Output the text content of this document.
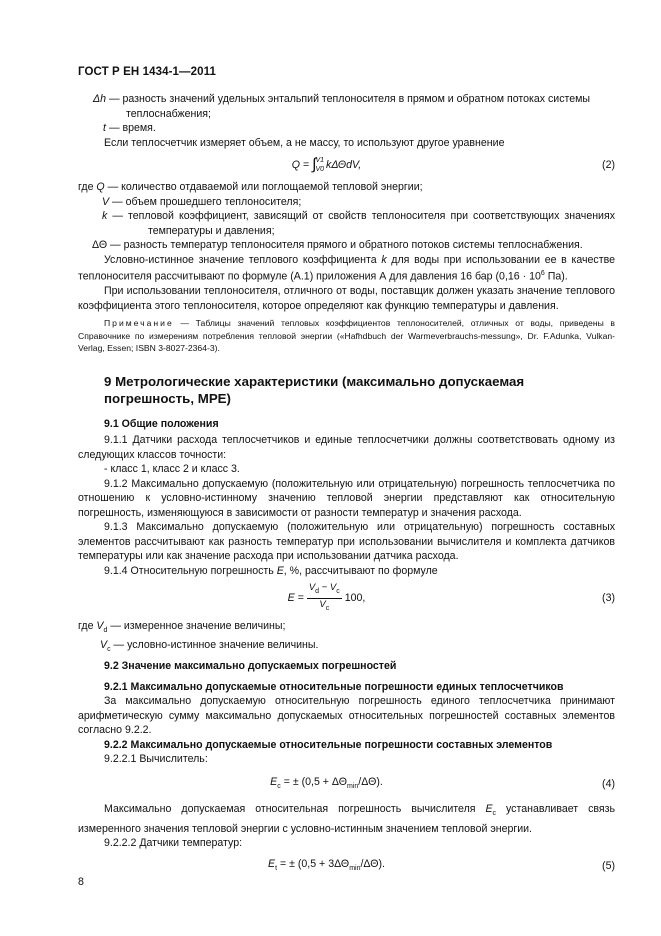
ГОСТ Р ЕН 1434-1—2011

Δh — разность значений удельных энтальпий теплоносителя в прямом и обратном потоках системы теплоснабжения;

t — время.

Если теплосчетчик измеряет объем, а не массу, то используют другое уравнение

Q = ∫ V1
V0 kΔΘdV,	(2)

где Q — количество отдаваемой или поглощаемой тепловой энергии;

V — объем прошедшего теплоносителя;

k — тепловой коэффициент, зависящий от свойств теплоносителя при соответствующих значениях температуры и давления;

ΔΘ — разность температур теплоносителя прямого и обратного потоков системы теплоснабжения.

Условно-истинное значение теплового коэффициента k для воды при использовании ее в качестве теплоносителя рассчитывают по формуле (А.1) приложения А для давления 16 бар ($0,16 \cdot 10^6$ Па).

При использовании теплоносителя, отличного от воды, поставщик должен указать значение теплового коэффициента этого теплоносителя, которое определяют как функцию температуры и давления.

Примечание — Таблицы значений тепловых коэффициентов теплоносителей, отличных от воды, приведены в Справочнике по измерениям потребления тепловой энергии («Hafhdbuch der Warmeverbrauchs-messung», Dr. F.Adunka, Vulkan-Verlag, Essen; ISBN 3-8027-2364-3).

9 Метрологические характеристики (максимально допускаемая погрешность, МРЕ)
9.1 Общие положения

9.1.1 Датчики расхода теплосчетчиков и единые теплосчетчики должны соответствовать одному из следующих классов точности:

- класс 1, класс 2 и класс 3.

9.1.2 Максимально допускаемую (положительную или отрицательную) погрешность теплосчетчика по отношению к условно-истинному значению тепловой энергии представляют как относительную погрешность, изменяющуюся в зависимости от разности температур и значения расхода.

9.1.3 Максимально допускаемую (положительную или отрицательную) погрешность составных элементов рассчитывают как разность температур при использовании вычислителя и комплекта датчиков температуры или как значение расхода при использовании датчика расхода.

9.1.4 Относительную погрешность E, %, рассчитывают по формуле

$E = \frac{V_d - V_c}{V_c} 100$,	(3)

где $V_d$ — измеренное значение величины;

$V_c$ — условно-истинное значение величины.

9.2 Значение максимально допускаемых погрешностей

9.2.1 Максимально допускаемые относительные погрешности единых теплосчетчиков

За максимально допускаемую относительную погрешность единого теплосчетчика принимают арифметическую сумму максимально допускаемых относительных погрешностей составных элементов согласно 9.2.2.

9.2.2 Максимально допускаемые относительные погрешности составных элементов

9.2.2.1 Вычислитель:

$E_c$ = ± $(0,5 + \Delta\Theta_{min}/\Delta\Theta)$.	(4)

Максимально допускаемая относительная погрешность вычислителя $E_c$ устанавливает связь измеренного значения тепловой энергии с условно-истинным значением тепловой энергии.

9.2.2.2 Датчики температур:

$E_t$ = ± $(0,5 + 3\Delta\Theta_{min}/\Delta\Theta)$.	(5)
8
